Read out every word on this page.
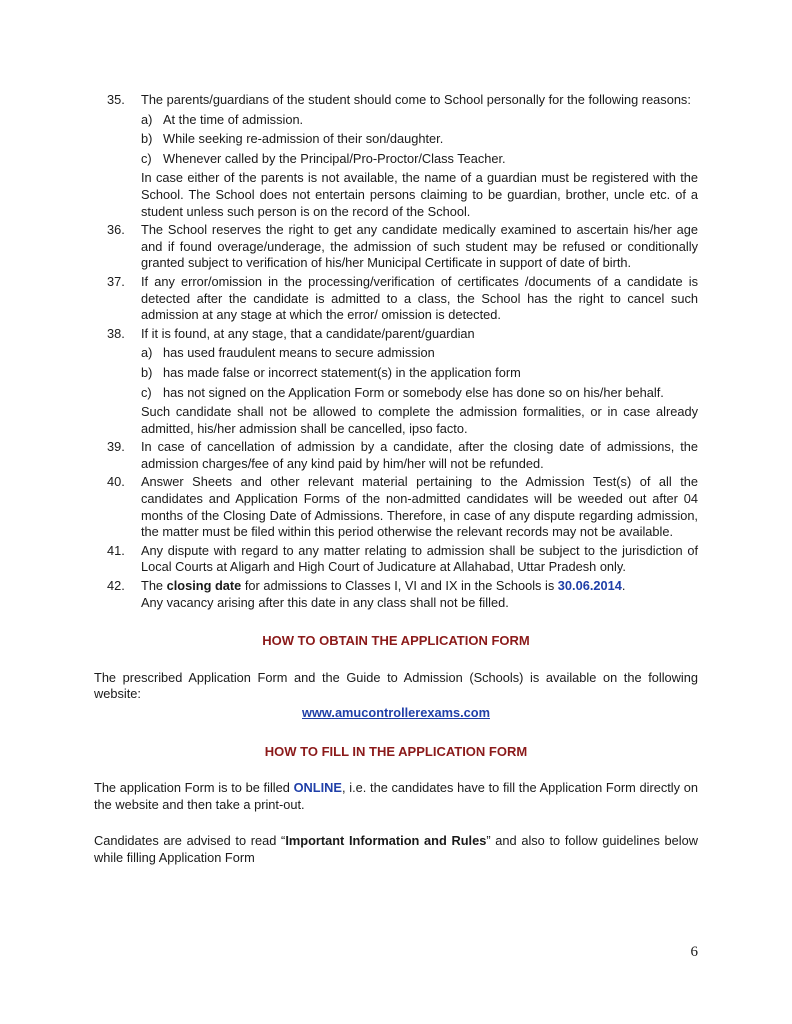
35.	The parents/guardians of the student should come to School personally for the following reasons:
a) At the time of admission.
b) While seeking re-admission of their son/daughter.
c) Whenever called by the Principal/Pro-Proctor/Class Teacher.
In case either of the parents is not available, the name of a guardian must be registered with the School. The School does not entertain persons claiming to be guardian, brother, uncle etc. of a student unless such person is on the record of the School.
36.	The School reserves the right to get any candidate medically examined to ascertain his/her age and if found overage/underage, the admission of such student may be refused or conditionally granted subject to verification of his/her Municipal Certificate in support of date of birth.
37.	If any error/omission in the processing/verification of certificates /documents of a candidate is detected after the candidate is admitted to a class, the School has the right to cancel such admission at any stage at which the error/ omission is detected.
38.	If it is found, at any stage, that a candidate/parent/guardian
a) has used fraudulent means to secure admission
b) has made false or incorrect statement(s) in the application form
c) has not signed on the Application Form or somebody else has done so on his/her behalf.
Such candidate shall not be allowed to complete the admission formalities, or in case already admitted, his/her admission shall be cancelled, ipso facto.
39.	In case of cancellation of admission by a candidate, after the closing date of admissions, the admission charges/fee of any kind paid by him/her will not be refunded.
40.	Answer Sheets and other relevant material pertaining to the Admission Test(s) of all the candidates and Application Forms of the non-admitted candidates will be weeded out after 04 months of the Closing Date of Admissions. Therefore, in case of any dispute regarding admission, the matter must be filed within this period otherwise the relevant records may not be available.
41.	Any dispute with regard to any matter relating to admission shall be subject to the jurisdiction of Local Courts at Aligarh and High Court of Judicature at Allahabad, Uttar Pradesh only.
42.	The closing date for admissions to Classes I, VI and IX in the Schools is 30.06.2014.
Any vacancy arising after this date in any class shall not be filled.
HOW TO OBTAIN THE APPLICATION FORM
The prescribed Application Form and the Guide to Admission (Schools) is available on the following website:
www.amucontrollerexams.com
HOW TO FILL IN THE APPLICATION FORM
The application Form is to be filled ONLINE, i.e. the candidates have to fill the Application Form directly on the website and then take a print-out.
Candidates are advised to read “Important Information and Rules” and also to follow guidelines below while filling Application Form
6
